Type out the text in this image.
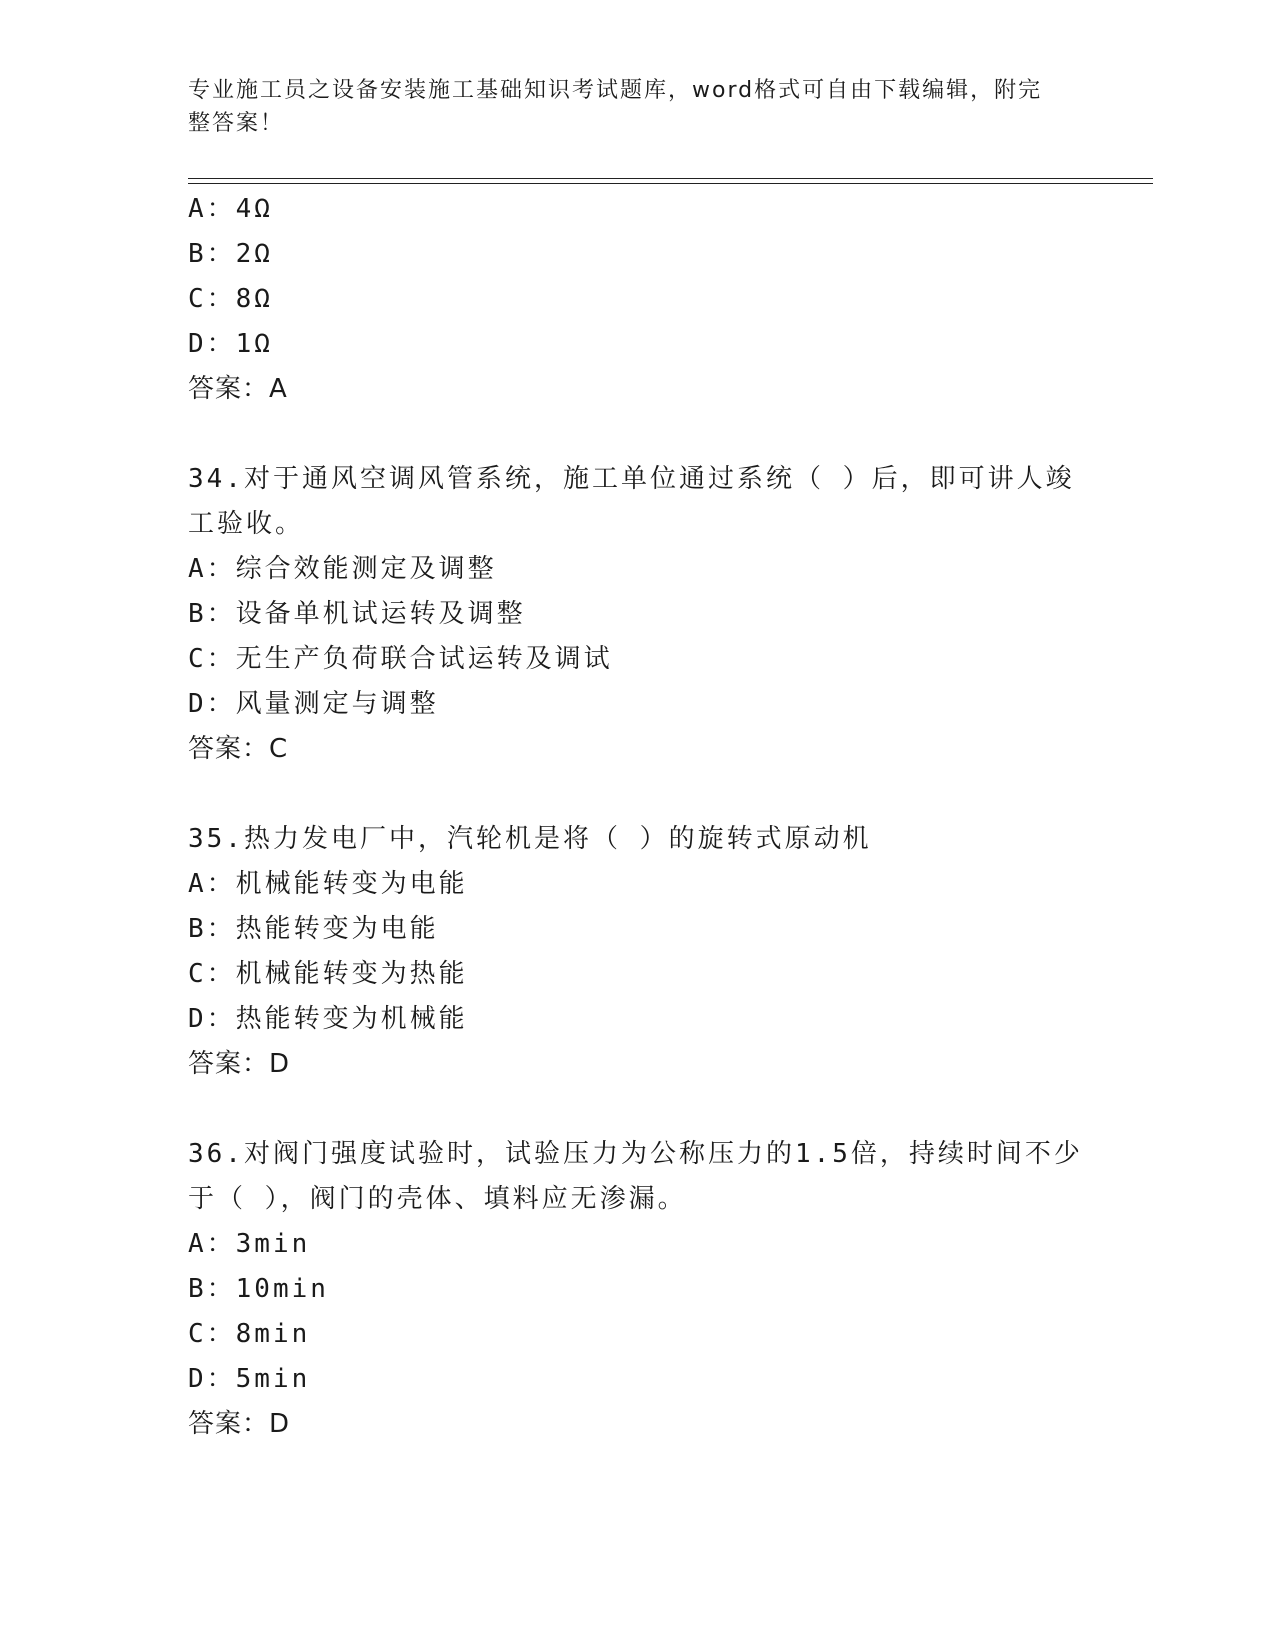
专业施工员之设备安装施工基础知识考试题库，word格式可自由下载编辑，附完
整答案！
A：4Ω
B：2Ω
C：8Ω
D：1Ω
答案：A
34.对于通风空调风管系统，施工单位通过系统（ ）后，即可讲人竣
工验收。
A：综合效能测定及调整
B：设备单机试运转及调整
C：无生产负荷联合试运转及调试
D：风量测定与调整
答案：C
35.热力发电厂中，汽轮机是将（ ）的旋转式原动机
A：机械能转变为电能
B：热能转变为电能
C：机械能转变为热能
D：热能转变为机械能
答案：D
36.对阀门强度试验时，试验压力为公称压力的1.5倍，持续时间不少
于（ ），阀门的壳体、填料应无渗漏。
A：3min
B：10min
C：8min
D：5min
答案：D
